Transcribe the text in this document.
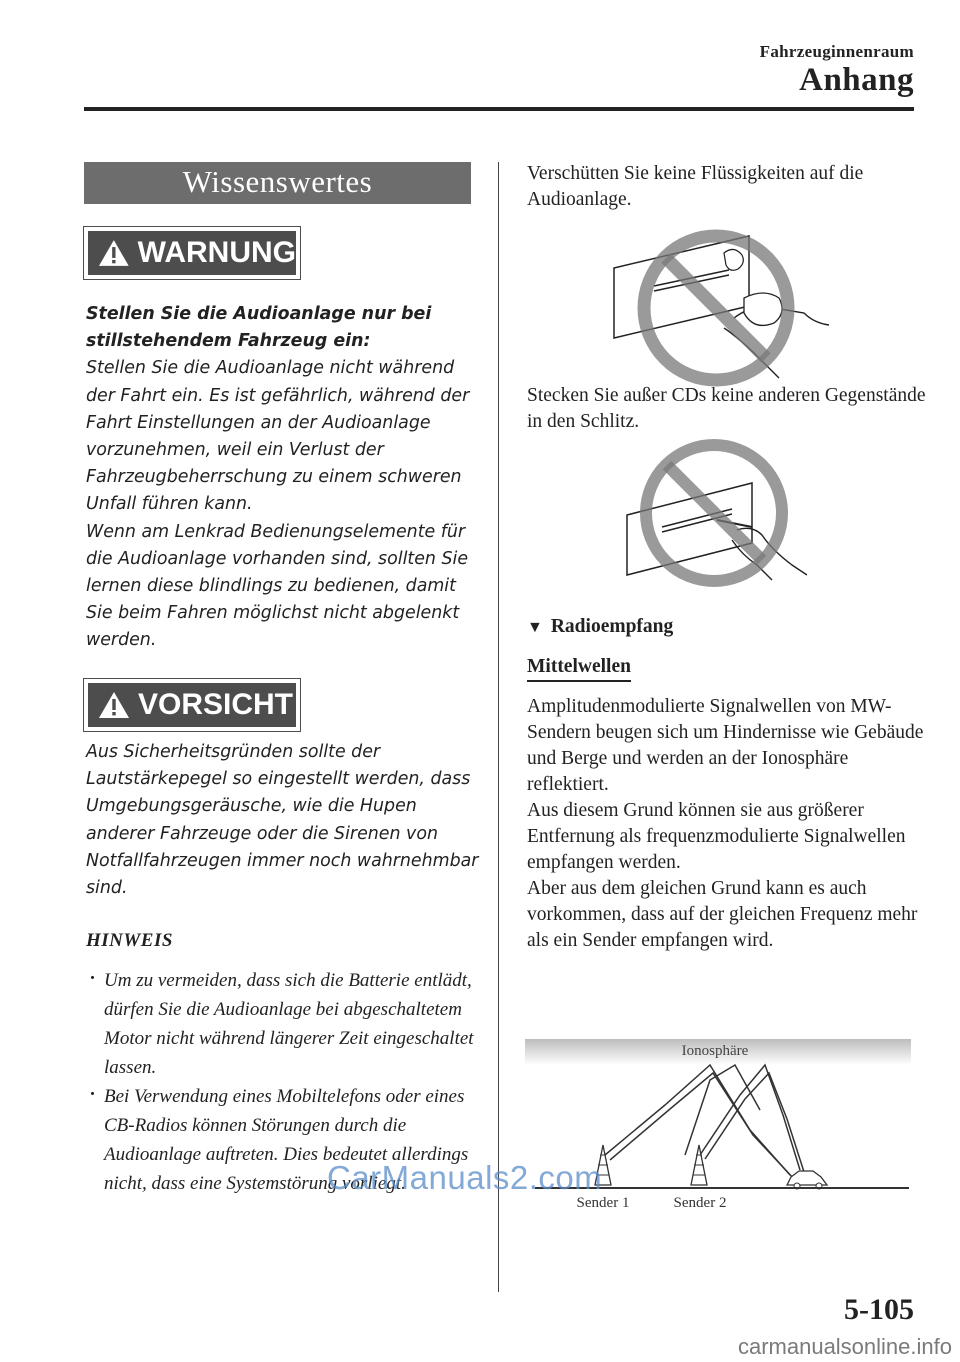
Fahrzeuginnenraum
Anhang
Wissenswertes
WARNUNG
Stellen Sie die Audioanlage nur bei stillstehendem Fahrzeug ein:
Stellen Sie die Audioanlage nicht während der Fahrt ein. Es ist gefährlich, während der Fahrt Einstellungen an der Audioanlage vorzunehmen, weil ein Verlust der Fahrzeugbeherrschung zu einem schweren Unfall führen kann.
Wenn am Lenkrad Bedienungselemente für die Audioanlage vorhanden sind, sollten Sie lernen diese blindlings zu bedienen, damit Sie beim Fahren möglichst nicht abgelenkt werden.
VORSICHT
Aus Sicherheitsgründen sollte der Lautstärkepegel so eingestellt werden, dass Umgebungsgeräusche, wie die Hupen anderer Fahrzeuge oder die Sirenen von Notfallfahrzeugen immer noch wahrnehmbar sind.
HINWEIS
· Um zu vermeiden, dass sich die Batterie entlädt, dürfen Sie die Audioanlage bei abgeschaltetem Motor nicht während längerer Zeit eingeschaltet lassen.
· Bei Verwendung eines Mobiltelefons oder eines CB-Radios können Störungen durch die Audioanlage auftreten. Dies bedeutet allerdings nicht, dass eine Systemstörung vorliegt.
Verschütten Sie keine Flüssigkeiten auf die Audioanlage.
Stecken Sie außer CDs keine anderen Gegenstände in den Schlitz.
▼ Radioempfang
Mittelwellen
Amplitudenmodulierte Signalwellen von MW-Sendern beugen sich um Hindernisse wie Gebäude und Berge und werden an der Ionosphäre reflektiert.
Aus diesem Grund können sie aus größerer Entfernung als frequenzmodulierte Signalwellen empfangen werden.
Aber aus dem gleichen Grund kann es auch vorkommen, dass auf der gleichen Frequenz mehr als ein Sender empfangen wird.
Ionosphäre
Sender 1	Sender 2
5-105
CarManuals2.com
carmanualsonline.info
